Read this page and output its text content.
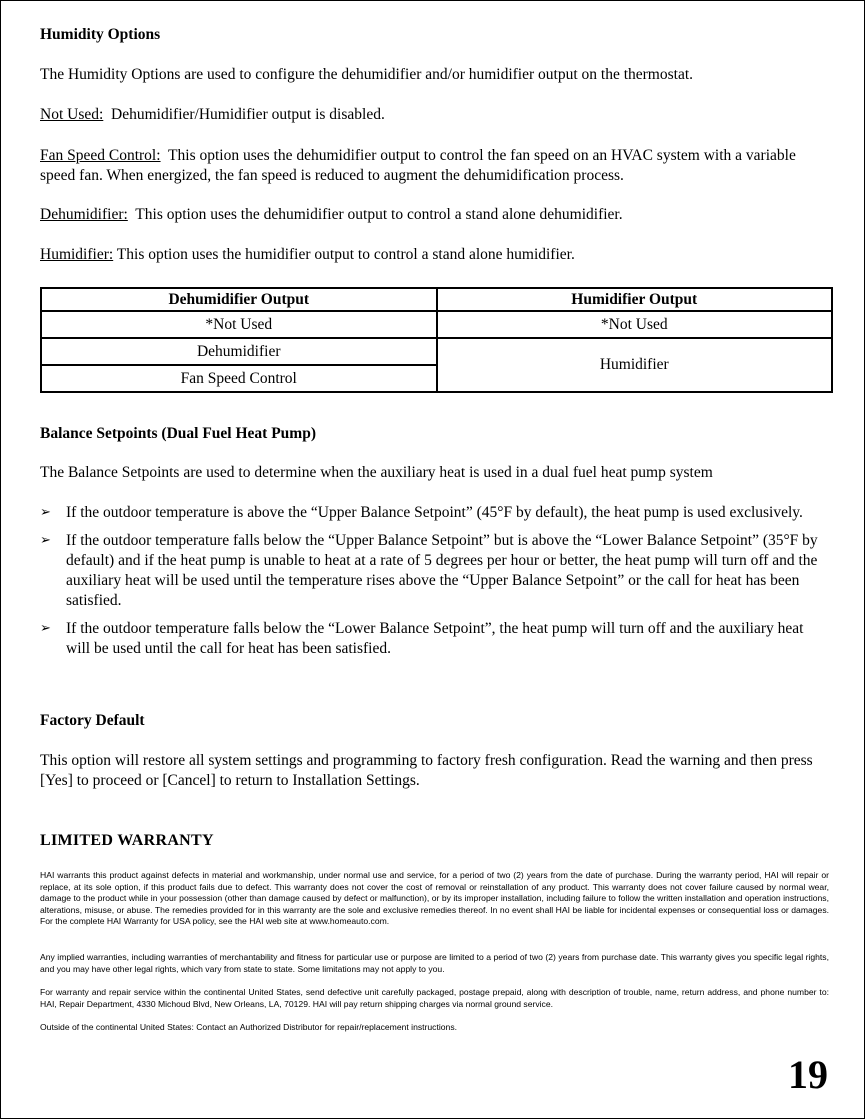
Humidity Options
The Humidity Options are used to configure the dehumidifier and/or humidifier output on the thermostat.
Not Used: Dehumidifier/Humidifier output is disabled.
Fan Speed Control: This option uses the dehumidifier output to control the fan speed on an HVAC system with a variable speed fan. When energized, the fan speed is reduced to augment the dehumidification process.
Dehumidifier: This option uses the dehumidifier output to control a stand alone dehumidifier.
Humidifier: This option uses the humidifier output to control a stand alone humidifier.
Dehumidifier Output	Humidifier Output
*Not Used	*Not Used
Dehumidifier	Humidifier
Fan Speed Control	
Balance Setpoints (Dual Fuel Heat Pump)
The Balance Setpoints are used to determine when the auxiliary heat is used in a dual fuel heat pump system
➢ If the outdoor temperature is above the “Upper Balance Setpoint” (45°F by default), the heat pump is used exclusively.
➢ If the outdoor temperature falls below the “Upper Balance Setpoint” but is above the “Lower Balance Setpoint” (35°F by default) and if the heat pump is unable to heat at a rate of 5 degrees per hour or better, the heat pump will turn off and the auxiliary heat will be used until the temperature rises above the “Upper Balance Setpoint” or the call for heat has been satisfied.
➢ If the outdoor temperature falls below the “Lower Balance Setpoint”, the heat pump will turn off and the auxiliary heat will be used until the call for heat has been satisfied.
Factory Default
This option will restore all system settings and programming to factory fresh configuration. Read the warning and then press [Yes] to proceed or [Cancel] to return to Installation Settings.
LIMITED WARRANTY
HAI warrants this product against defects in material and workmanship, under normal use and service, for a period of two (2) years from the date of purchase. During the warranty period, HAI will repair or replace, at its sole option, if this product fails due to defect. This warranty does not cover the cost of removal or reinstallation of any product. This warranty does not cover failure caused by normal wear, damage to the product while in your possession (other than damage caused by defect or malfunction), or by its improper installation, including failure to follow the written installation and operation instructions, alterations, misuse, or abuse. The remedies provided for in this warranty are the sole and exclusive remedies thereof. In no event shall HAI be liable for incidental expenses or consequential loss or damages. For the complete HAI Warranty for USA policy, see the HAI web site at www.homeauto.com.
Any implied warranties, including warranties of merchantability and fitness for particular use or purpose are limited to a period of two (2) years from purchase date. This warranty gives you specific legal rights, and you may have other legal rights, which vary from state to state. Some limitations may not apply to you.
For warranty and repair service within the continental United States, send defective unit carefully packaged, postage prepaid, along with description of trouble, name, return address, and phone number to: HAI, Repair Department, 4330 Michoud Blvd, New Orleans, LA, 70129. HAI will pay return shipping charges via normal ground service.
Outside of the continental United States: Contact an Authorized Distributor for repair/replacement instructions.
19
